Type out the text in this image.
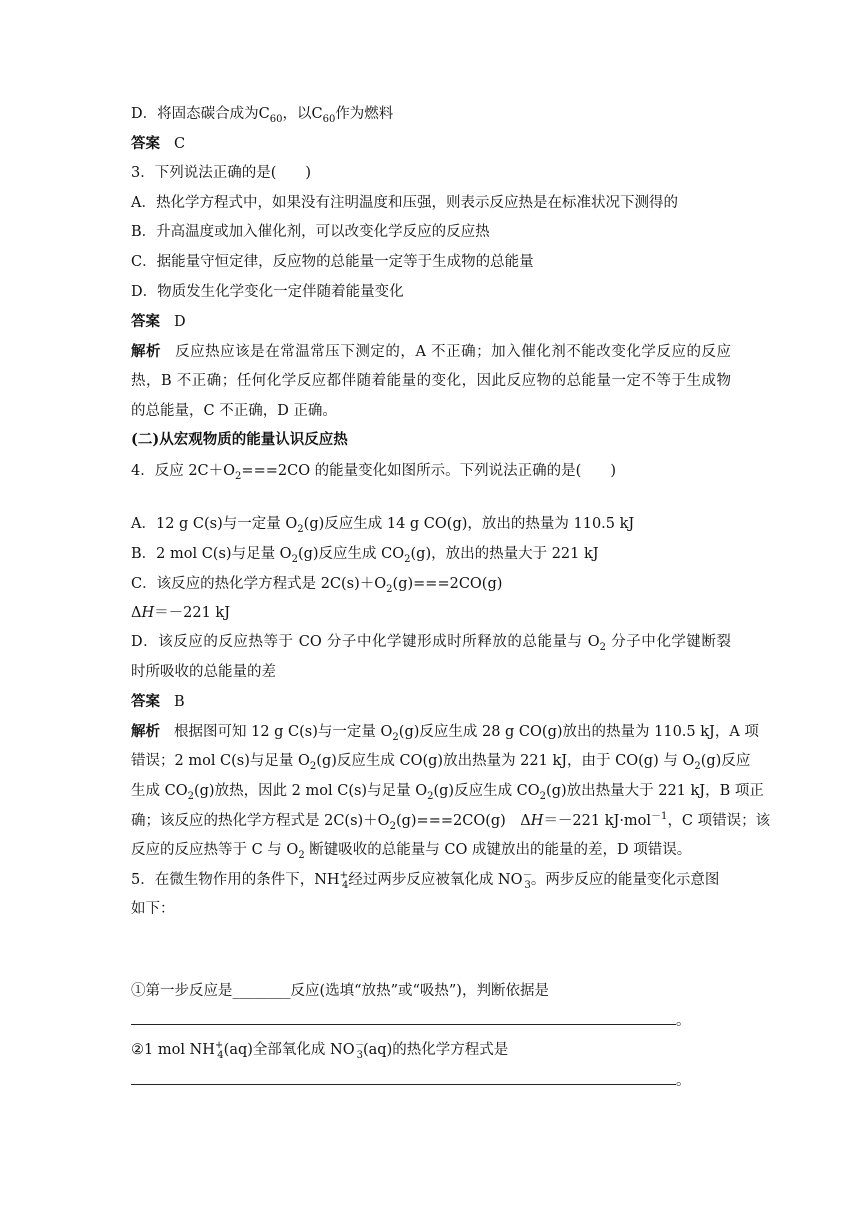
D．将固态碳合成为$C_{60}$，以$C_{60}$作为燃料
答案 C
3．下列说法正确的是(　　)
A．热化学方程式中，如果没有注明温度和压强，则表示反应热是在标准状况下测得的
B．升高温度或加入催化剂，可以改变化学反应的反应热
C．据能量守恒定律，反应物的总能量一定等于生成物的总能量
D．物质发生化学变化一定伴随着能量变化
答案 D
解析 反应热应该是在常温常压下测定的，A 不正确；加入催化剂不能改变化学反应的反应
热，B 不正确；任何化学反应都伴随着能量的变化，因此反应物的总能量一定不等于生成物
的总能量，C 不正确，D 正确。
(二)从宏观物质的能量认识反应热
4．反应 $2C+O_2===2CO$ 的能量变化如图所示。下列说法正确的是(　　)
A．12 g C(s)与一定量 $O_2(g)$反应生成 14 g CO(g)，放出的热量为 110.5 kJ
B．2 mol C(s)与足量 $O_2(g)$反应生成 $CO_2(g)$，放出的热量大于 221 kJ
C．该反应的热化学方程式是 $2C(s)+O_2(g)===2CO(g)$
ΔH＝－221 kJ
D．该反应的反应热等于 CO 分子中化学键形成时所释放的总能量与 $O_2$ 分子中化学键断裂
时所吸收的总能量的差
答案 B
解析 根据图可知 12 g C(s)与一定量 $O_2(g)$反应生成 28 g CO(g)放出的热量为 110.5 kJ，A 项
错误；2 mol C(s)与足量 $O_2(g)$反应生成 CO(g)放出热量为 221 kJ，由于 CO(g) 与 $O_2(g)$反应
生成 $CO_2(g)$放热，因此 2 mol C(s)与足量 $O_2(g)$反应生成 $CO_2(g)$放出热量大于 221 kJ，B 项正
确；该反应的热化学方程式是 $2C(s)+O_2(g)===2CO(g)$　ΔH＝－221 kJ·mol$^{-1}$，C 项错误；该
反应的反应热等于 C 与 $O_2$ 断键吸收的总能量与 CO 成键放出的能量的差，D 项错误。
5．在微生物作用的条件下，$NH^+_4$经过两步反应被氧化成 $NO^-_3$。两步反应的能量变化示意图
如下：
①第一步反应是________反应(选填“放热”或“吸热”)，判断依据是
。
②1 mol $NH^+_4(aq)$全部氧化成 $NO^-_3(aq)$的热化学方程式是
。
